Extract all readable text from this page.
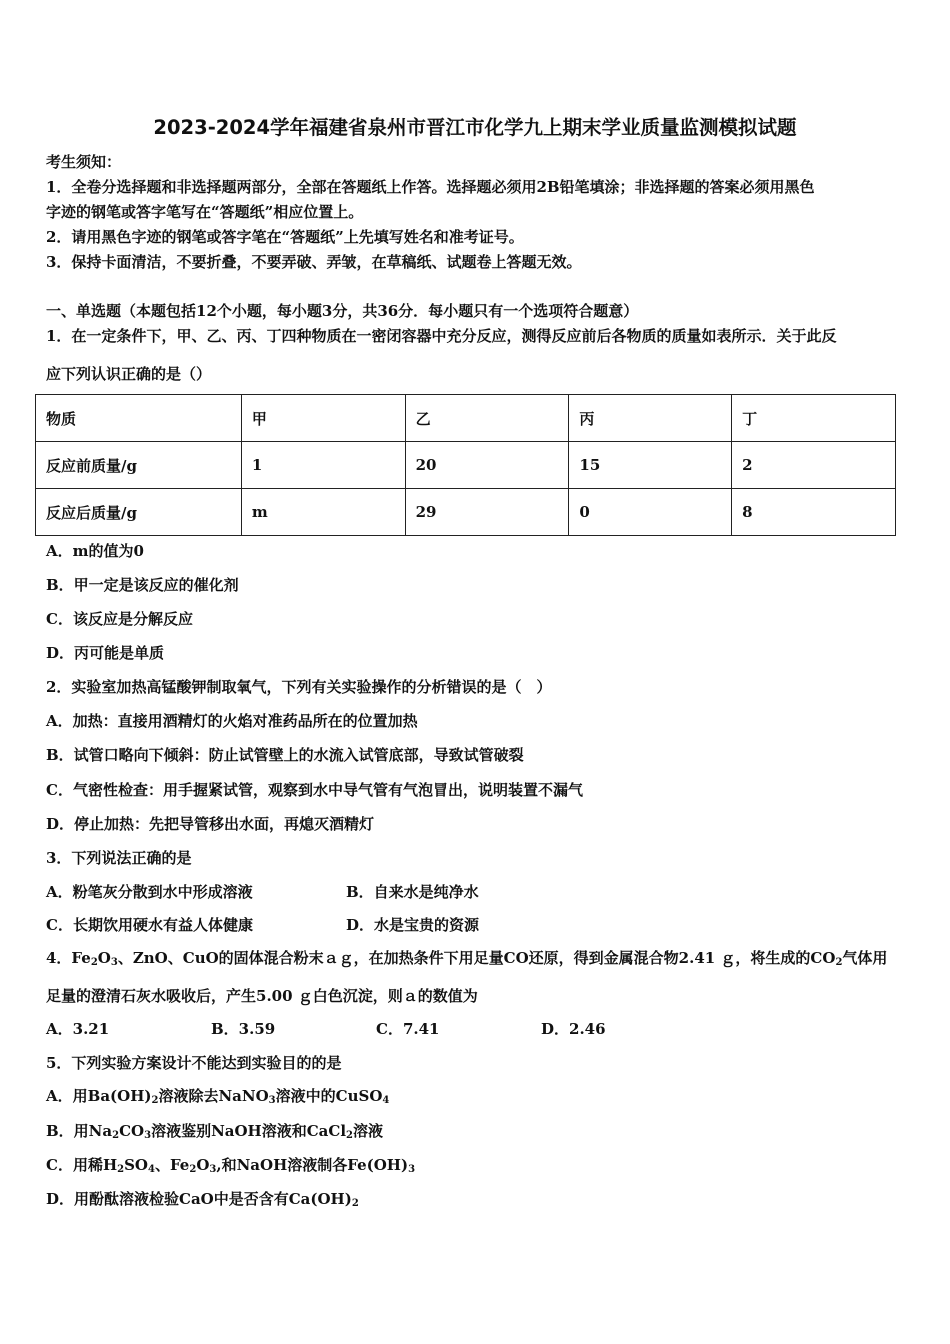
2023-2024学年福建省泉州市晋江市化学九上期末学业质量监测模拟试题
考生须知：
1．全卷分选择题和非选择题两部分，全部在答题纸上作答。选择题必须用2B铅笔填涂；非选择题的答案必须用黑色
字迹的钢笔或答字笔写在“答题纸”相应位置上。
2．请用黑色字迹的钢笔或答字笔在“答题纸”上先填写姓名和准考证号。
3．保持卡面清洁，不要折叠，不要弄破、弄皱，在草稿纸、试题卷上答题无效。
一、单选题（本题包括12个小题，每小题3分，共36分．每小题只有一个选项符合题意）
1．在一定条件下，甲、乙、丙、丁四种物质在一密闭容器中充分反应，测得反应前后各物质的质量如表所示．关于此反
应下列认识正确的是（）
物质	甲	乙	丙	丁
反应前质量/g	1	20	15	2
反应后质量/g	m	29	0	8
A．m的值为0
B．甲一定是该反应的催化剂
C．该反应是分解反应
D．丙可能是单质
2．实验室加热高锰酸钾制取氧气，下列有关实验操作的分析错误的是（　）
A．加热：直接用酒精灯的火焰对准药品所在的位置加热
B．试管口略向下倾斜：防止试管壁上的水流入试管底部，导致试管破裂
C．气密性检查：用手握紧试管，观察到水中导气管有气泡冒出，说明装置不漏气
D．停止加热：先把导管移出水面，再熄灭酒精灯
3．下列说法正确的是
A．粉笔灰分散到水中形成溶液	B．自来水是纯净水
C．长期饮用硬水有益人体健康	D．水是宝贵的资源
4．$Fe_2O_3$、ZnO、CuO的固体混合粉末ａｇ，在加热条件下用足量CO还原，得到金属混合物2.41 ｇ，将生成的$CO_2$气体用
足量的澄清石灰水吸收后，产生5.00 ｇ白色沉淀，则ａ的数值为
A．3.21	B．3.59	C．7.41	D．2.46
5．下列实验方案设计不能达到实验目的的是
A．用$Ba(OH)_2$溶液除去NaNO$_3$溶液中的CuSO$_4$
B．用$Na_2CO_3$溶液鉴别NaOH溶液和CaCl$_2$溶液
C．用稀$H_2SO_4$、$Fe_2O_3$,和NaOH溶液制各$Fe(OH)_3$
D．用酚酞溶液检验CaO中是否含有$Ca(OH)_2$
